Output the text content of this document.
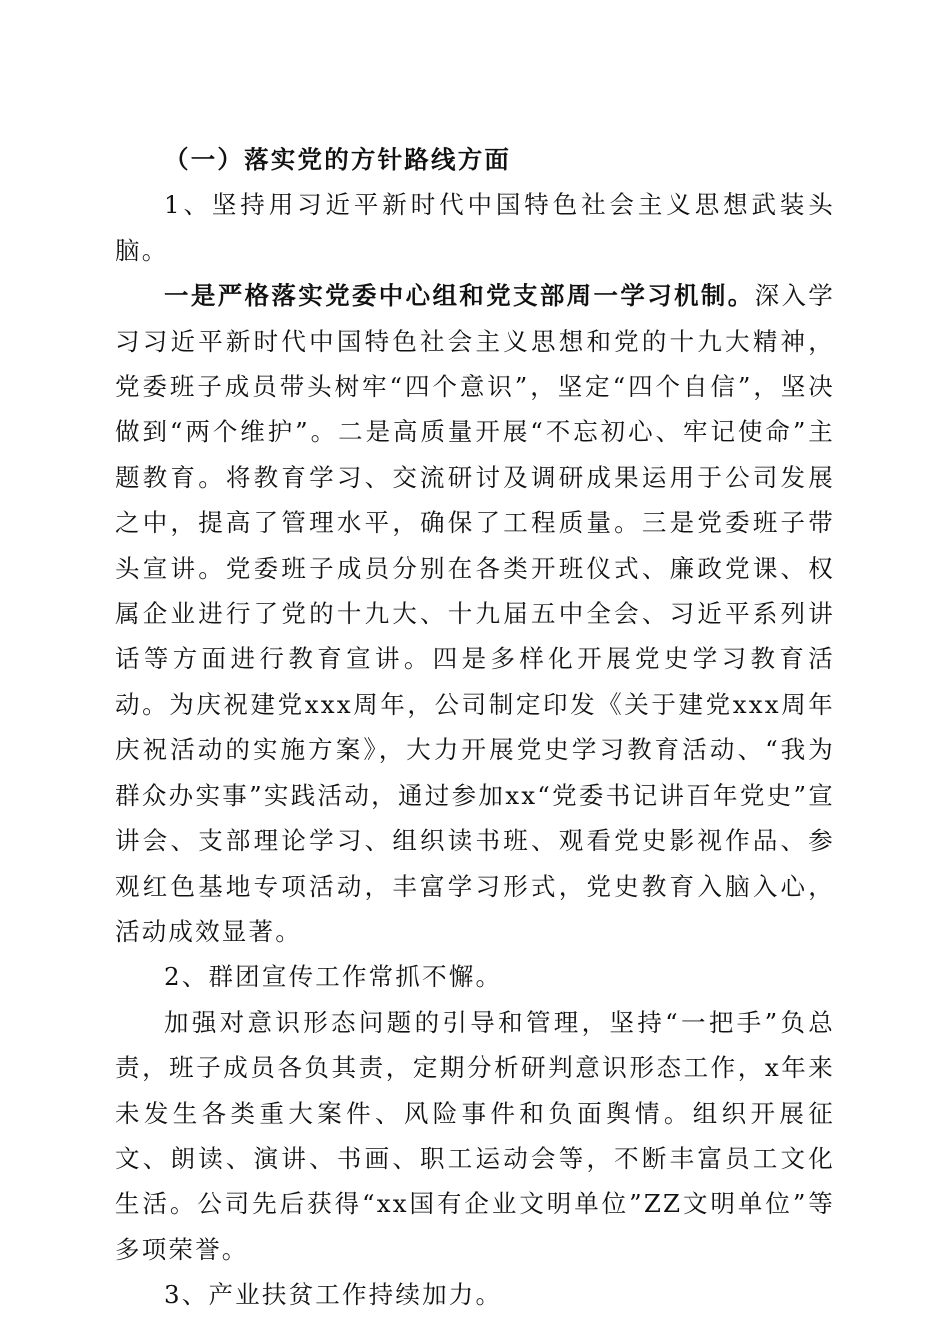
（一）落实党的方针路线方面

1、坚持用习近平新时代中国特色社会主义思想武装头脑。

一是严格落实党委中心组和党支部周一学习机制。深入学习习近平新时代中国特色社会主义思想和党的十九大精神，党委班子成员带头树牢“四个意识”，坚定“四个自信”，坚决做到“两个维护”。二是高质量开展“不忘初心、牢记使命”主题教育。将教育学习、交流研讨及调研成果运用于公司发展之中，提高了管理水平，确保了工程质量。三是党委班子带头宣讲。党委班子成员分别在各类开班仪式、廉政党课、权属企业进行了党的十九大、十九届五中全会、习近平系列讲话等方面进行教育宣讲。四是多样化开展党史学习教育活动。为庆祝建党xxx周年，公司制定印发《关于建党xxx周年庆祝活动的实施方案》，大力开展党史学习教育活动、“我为群众办实事”实践活动，通过参加xx“党委书记讲百年党史”宣讲会、支部理论学习、组织读书班、观看党史影视作品、参观红色基地专项活动，丰富学习形式，党史教育入脑入心，活动成效显著。

2、群团宣传工作常抓不懈。

加强对意识形态问题的引导和管理，坚持“一把手”负总责，班子成员各负其责，定期分析研判意识形态工作，x年来未发生各类重大案件、风险事件和负面舆情。组织开展征文、朗读、演讲、书画、职工运动会等，不断丰富员工文化生活。公司先后获得“xx国有企业文明单位”ZZ文明单位”等多项荣誉。

3、产业扶贫工作持续加力。
